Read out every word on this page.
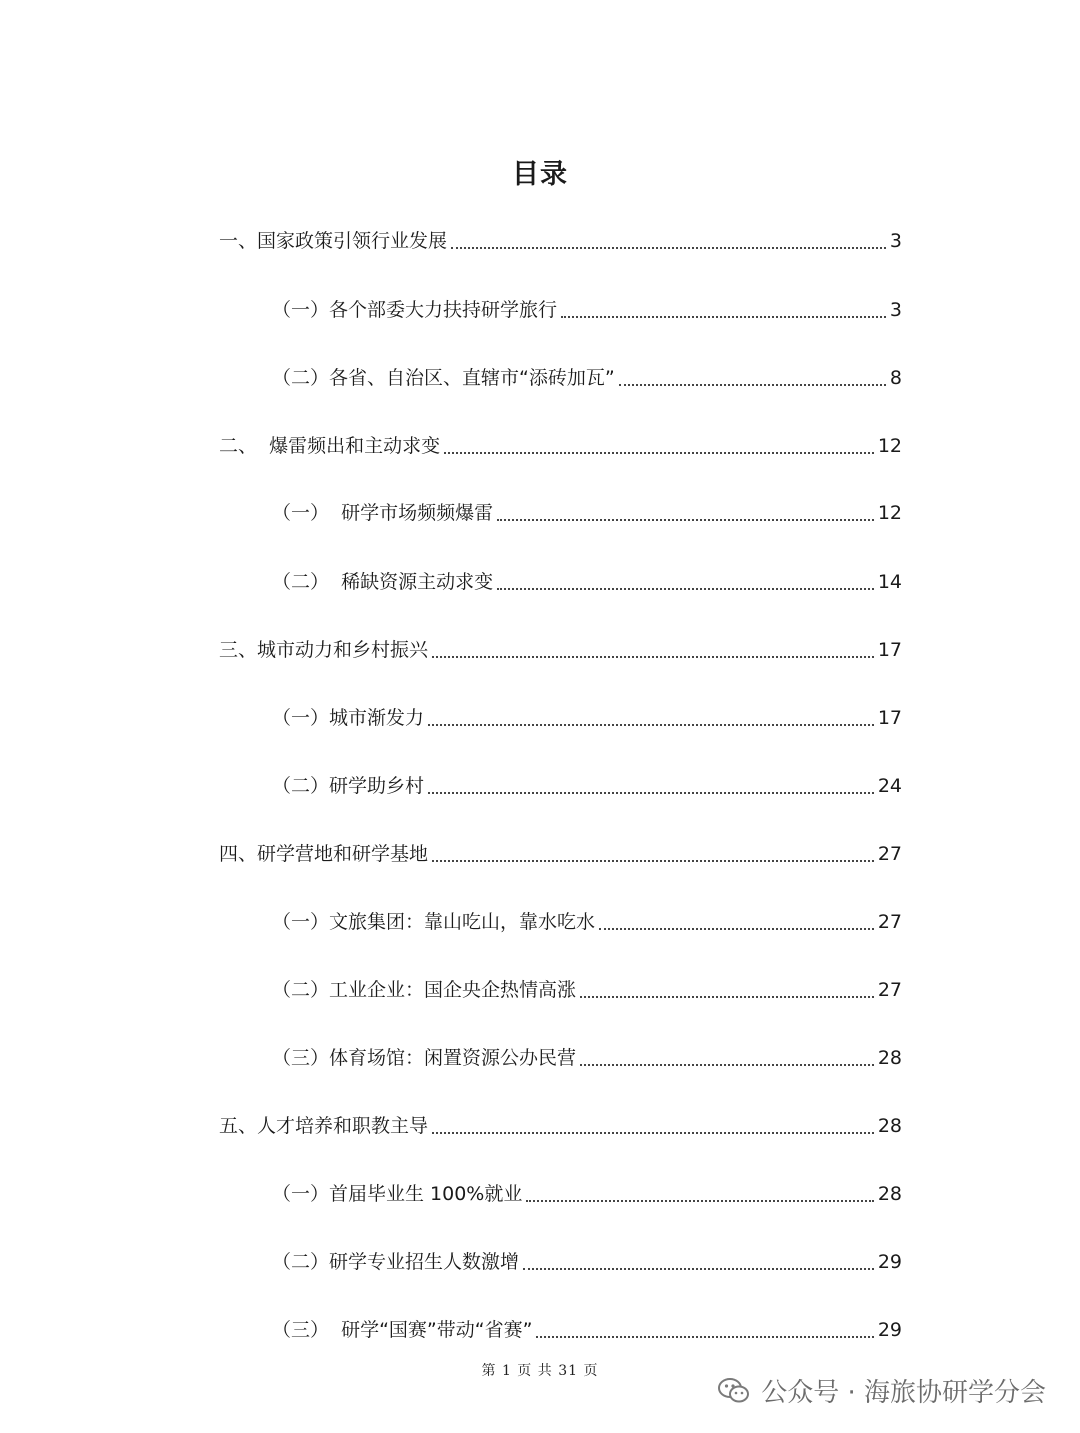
目录
一、国家政策引领行业发展	3
（一）各个部委大力扶持研学旅行	3
（二）各省、自治区、直辖市“添砖加瓦”	8
二、  爆雷频出和主动求变	12
（一）  研学市场频频爆雷	12
（二）  稀缺资源主动求变	14
三、城市动力和乡村振兴	17
（一）城市渐发力	17
（二）研学助乡村	24
四、研学营地和研学基地	27
（一）文旅集团：靠山吃山，靠水吃水	27
（二）工业企业：国企央企热情高涨	27
（三）体育场馆：闲置资源公办民营	28
五、人才培养和职教主导	28
（一）首届毕业生 100%就业	28
（二）研学专业招生人数激增	29
（三）  研学“国赛”带动“省赛”	29
第 1 页 共 31 页
公众号 · 海旅协研学分会
